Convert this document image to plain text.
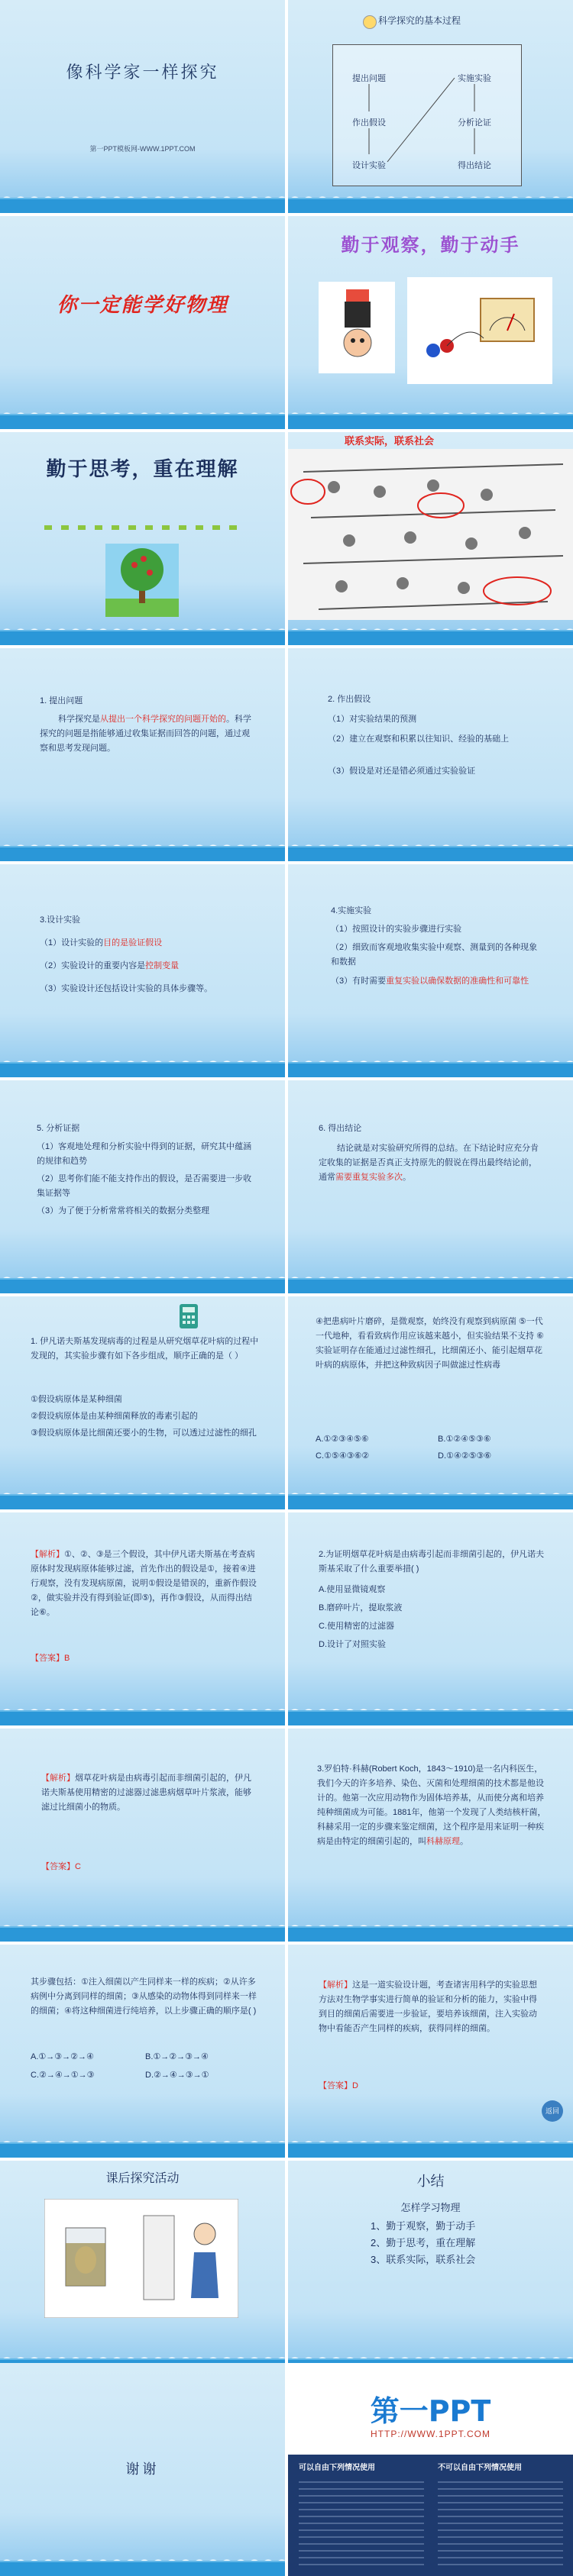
像科学家一样探究
第一PPT模板网-WWW.1PPT.COM
科学探究的基本过程
提出问题
作出假设
设计实验
实施实验
分析论证
得出结论
你一定能学好物理
勤于观察，勤于动手
勤于思考，重在理解
联系实际，联系社会
1. 提出问题
科学探究是从提出一个科学探究的问题开始的。科学探究的问题是指能够通过收集证据而回答的问题，通过观察和思考发现问题。
2. 作出假设
（1）对实验结果的预测
（2）建立在观察和积累以往知识、经验的基础上
（3）假设是对还是错必须通过实验验证
3.设计实验
（1）设计实验的目的是验证假设
（2）实验设计的重要内容是控制变量
（3）实验设计还包括设计实验的具体步骤等。
4.实施实验
（1）按照设计的实验步骤进行实验
（2）细致而客观地收集实验中观察、测量到的各种现象和数据
（3）有时需要重复实验以确保数据的准确性和可靠性
5. 分析证据
（1）客观地处理和分析实验中得到的证据，研究其中蕴涵的规律和趋势
（2）思考你们能不能支持作出的假设，是否需要进一步收集证据等
（3）为了便于分析常常将相关的数据分类整理
6. 得出结论
结论就是对实验研究所得的总结。在下结论时应充分肯定收集的证据是否真正支持原先的假说在得出最终结论前，通常需要重复实验多次。
1. 伊凡诺夫斯基发现病毒的过程是从研究烟草花叶病的过程中发现的，其实验步骤有如下各步组成，顺序正确的是（ ）
①假设病原体是某种细菌
②假设病原体是由某种细菌释放的毒素引起的
③假设病原体是比细菌还要小的生物，可以透过过滤性的细孔
④把患病叶片磨碎，是微观察，始终没有观察到病原菌 ⑤一代一代地种，看看致病作用应该越来越小，但实验结果不支持 ⑥实验证明存在能通过过滤性细孔，比细菌还小、能引起烟草花叶病的病原体，并把这种致病因子叫做滤过性病毒
A.①②③④⑤⑥	B.①②④⑤③⑥
C.①⑤④③⑥②	D.①④②⑤③⑥
【解析】①、②、③是三个假设，其中伊凡诺夫斯基在考查病原体时发现病原体能够过滤，首先作出的假设是①，接着④进行观察，没有发现病原菌，说明①假设是错误的，重新作假设②，做实验并没有得到验证(即⑤)，再作③假设，从而得出结论⑥。
【答案】B
2.为证明烟草花叶病是由病毒引起而非细菌引起的，伊凡诺夫斯基采取了什么重要举措( )
A.使用显微镜观察
B.磨碎叶片，提取浆液
C.使用精密的过滤器
D.设计了对照实验
【解析】烟草花叶病是由病毒引起而非细菌引起的，伊凡诺夫斯基使用精密的过滤器过滤患病烟草叶片浆液，能够滤过比细菌小的物质。
【答案】C
3.罗伯特·科赫(Robert Koch，1843～1910)是一名内科医生，我们今天的许多培养、染色、灭菌和处理细菌的技术都是他设计的。他第一次应用动物作为固体培养基，从而使分离和培养纯种细菌成为可能。1881年，他第一个发现了人类结核杆菌，科赫采用一定的步骤来鉴定细菌，这个程序是用来证明一种疾病是由特定的细菌引起的，叫科赫原理。
其步骤包括：①注入细菌以产生同样来一样的疾病；②从许多病例中分离到同样的细菌；③从感染的动物体得到同样来一样的细菌；④将这种细菌进行纯培养，以上步骤正确的顺序是( )
A.①→③→②→④	B.①→②→③→④
C.②→④→①→③	D.②→④→③→①
【解析】这是一道实验设计题，考查诸害用科学的实验思想方法对生物学事实进行简单的验证和分析的能力，实验中得到目的细菌后需要进一步验证，要培养该细菌，注入实验动物中看能否产生同样的疾病，获得同样的细菌。
【答案】D
返回
课后探究活动	小结
怎样学习物理
1、勤于观察，勤于动手
2、勤于思考，重在理解
3、联系实际，联系社会
谢谢
第一PPT
HTTP://WWW.1PPT.COM
可以自由下列情况使用	不可以自由下列情况使用
